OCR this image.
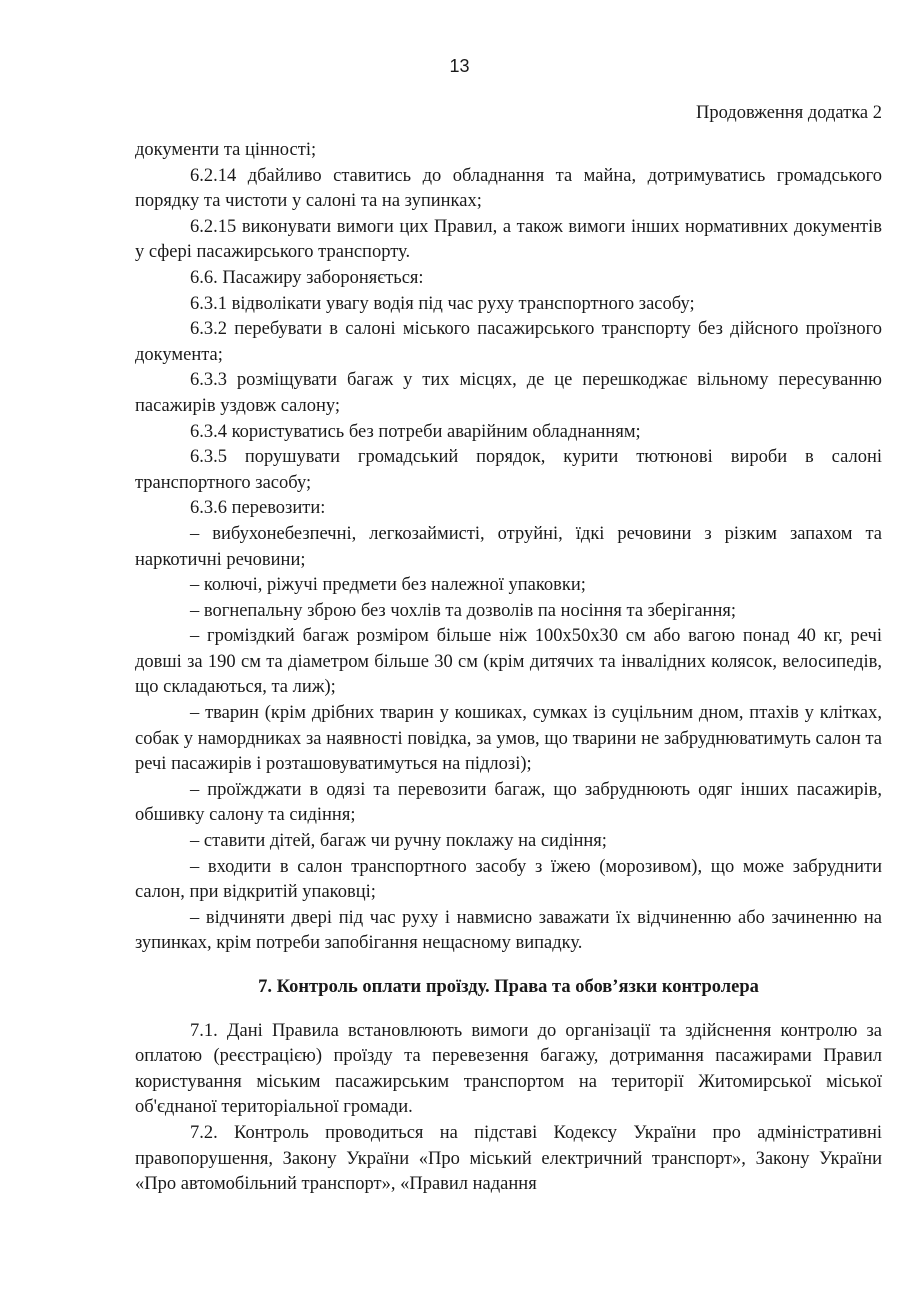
13
Продовження додатка 2

документи та цінності;

6.2.14 дбайливо ставитись до обладнання та майна, дотримуватись громадського порядку та чистоти у салоні та на зупинках;

6.2.15 виконувати вимоги цих Правил, а також вимоги інших нормативних документів у сфері пасажирського транспорту.

6.6. Пасажиру забороняється:

6.3.1 відволікати увагу водія під час руху транспортного засобу;

6.3.2 перебувати в салоні міського пасажирського транспорту без дійсного проїзного документа;

6.3.3 розміщувати багаж у тих місцях, де це перешкоджає вільному пересуванню пасажирів уздовж салону;

6.3.4 користуватись без потреби аварійним обладнанням;

6.3.5 порушувати громадський порядок, курити тютюнові вироби в салоні транспортного засобу;

6.3.6 перевозити:

– вибухонебезпечні, легкозаймисті, отруйні, їдкі речовини з різким запахом та наркотичні речовини;

– колючі, ріжучі предмети без належної упаковки;

– вогнепальну зброю без чохлів та дозволів па носіння та зберігання;

– громіздкий багаж розміром більше ніж 100х50х30 см або вагою понад 40 кг, речі довші за 190 см та діаметром більше 30 см (крім дитячих та інвалідних колясок, велосипедів, що складаються, та лиж);

– тварин (крім дрібних тварин у кошиках, сумках із суцільним дном, птахів у клітках, собак у намордниках за наявності повідка, за умов, що тварини не забруднюватимуть салон та речі пасажирів і розташовуватимуться на підлозі);

– проїжджати в одязі та перевозити багаж, що забруднюють одяг інших пасажирів, обшивку салону та сидіння;

– ставити дітей, багаж чи ручну поклажу на сидіння;

– входити в салон транспортного засобу з їжею (морозивом), що може забруднити салон, при відкритій упаковці;

– відчиняти двері під час руху і навмисно заважати їх відчиненню або зачиненню на зупинках, крім потреби запобігання нещасному випадку.

7. Контроль оплати проїзду. Права та обов’язки контролера

7.1. Дані Правила встановлюють вимоги до організації та здійснення контролю за оплатою (реєстрацією) проїзду та перевезення багажу, дотримання пасажирами Правил користування міським пасажирським транспортом на території Житомирської міської об'єднаної територіальної громади.

7.2. Контроль проводиться на підставі Кодексу України про адміністративні правопорушення, Закону України «Про міський електричний транспорт», Закону України «Про автомобільний транспорт», «Правил надання
